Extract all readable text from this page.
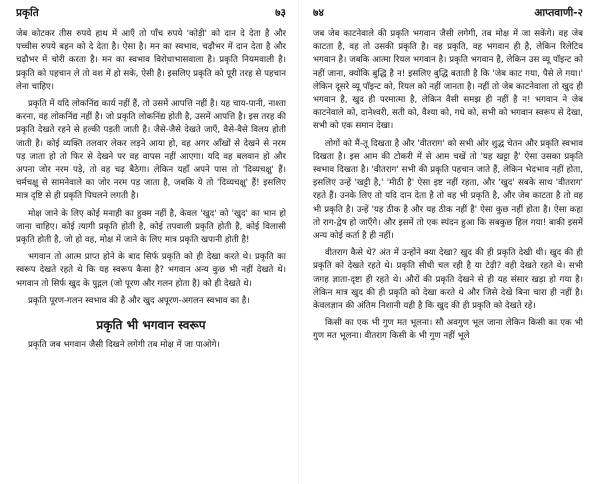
प्रकृति	७३

जेब कोटकर तीस रुपये हाथ में आएँ तो पाँच रुपये 'कोड़ी' को दान दे देता है और पच्चीस रुपये बहन को दे देता है। ऐसा है। मन का स्वभाव, चढ़ौभर में दान देता है और चढ़ौभर में चोरी करता है। मन का स्वभाव विरोधाभासवाला है। प्रकृति नियमवाली है। प्रकृति को पहचान ले तो वश में हो सके, ऐसी है। इसलिए प्रकृति को पूरी तरह से पहचान लेना चाहिए।

प्रकृति में यदि लोकनिंद्य कार्य नहीं हैं, तो उसमें आपत्ति नहीं है। यह चाय-पानी, नाश्ता करना, वह लोकनिंद्य नहीं है। जो प्रकृति लोकनिंद्य होती है, उसमें आपत्ति है। इस तरह की प्रकृति देखते रहने से हल्की पड़ती जाती है। जैसे-जैसे देखते जाएँ, वैसे-वैसे विलय होती जाती है। कोई व्यक्ति तलवार लेकर लड़ने आया हो, वह अगर आँखों से देखने से नरम पड़ जाता हो तो फिर से देखने पर वह वापस नहीं आएगा। यदि वह बलवान हो और अपना जोर नरम पड़े, तो वह चढ़ बैठेगा। लेकिन यहाँ अपने पास तो 'दिव्यचक्षु' हैं। चर्मचक्षु से सामनेवाले का जोर नरम पड़ जाता है, जबकि ये तो 'दिव्यचक्षु' हैं! इसलिए मात्र दृष्टि से ही प्रकृति पिघलने लगती है।

मोक्ष जाने के लिए कोई मनाही का हुक्म नहीं है, केवल 'खुद' को 'खुद' का भान हो जाना चाहिए। कोई त्यागी प्रकृति होती है, कोई तपवाली प्रकृति होती है, कोई विलासी प्रकृति होती है, जो हो वह, मोक्ष में जाने के लिए मात्र प्रकृति खपानी होती है!

भगवान तो आत्म प्राप्त होने के बाद सिर्फ प्रकृति को ही देखा करते थे। प्रकृति का स्वरूप देखते रहते थे कि यह स्वरूप कैसा है? भगवान अन्य कुछ भी नहीं देखते थे। भगवान तो सिर्फ खुद के पुद्गल (जो पूरण और गलन होता है) को ही देखते थे।

प्रकृति पूरण-गलन स्वभाव की है और खुद अपूरण-अगलन स्वभाव का है।

प्रकृति भी भगवान स्वरूप

प्रकृति जब भगवान जैसी दिखने लगेगी तब मोक्ष में जा पाओगे।

७४	आप्तवाणी-२

जब जेब काटनेवाले की प्रकृति भगवान जैसी लगेगी, तब मोक्ष में जा सकेंगे। वह जेब काटता है, वह तो उसकी प्रकृति है। वह प्रकृति, वह भगवान ही है, लेकिन रिलेटिव भगवान है। जबकि आत्मा रियल भगवान है। प्रकृति भगवान है, लेकिन उस व्यू पॉइन्ट को नहीं जाना, क्योंकि बुद्धि है न! इसलिए बुद्धि बताती है कि 'जेब काट गया, पैसे ले गया।' लेकिन दूसरे व्यू पॉइन्ट को, रियल को नहीं जानता है। नहीं तो जेब काटनेवाला तो खुद ही भगवान है, खुद ही परमात्मा है, लेकिन वैसी समझ ही नहीं है न! भगवान ने जेब काटनेवाले को, दानेश्वरी, सती को, वैश्या को, गधे को, सभी को भगवान स्वरूप से देखा, सभी को एक समान देखा।

लोगों को मैं-तू दिखता है और 'वीतराग' को सभी ओर शुद्ध चेतन और प्रकृति स्वभाव दिखता है। इस आम की टोकरी में से आम चखें तो 'यह खट्टा है' ऐसा उसका प्रकृति स्वभाव दिखता है। 'वीतराग' सभी की प्रकृति पहचान जाते हैं, लेकिन भेदभाव नहीं होता, इसलिए उन्हें 'खट्टी है,' 'मीठी है' ऐसा इष्ट नहीं रहता, और 'खुद' सबके साथ 'वीतराग' रहते हैं। उनके लिए तो यदि दान देता है तो वह भी प्रकृति है, और जेब काटता है तो वह भी प्रकृति है। उन्हें 'यह ठीक है और यह ठीक नहीं है' ऐसा कुछ नहीं होता है। ऐसा कहा तो राग-द्वेष हो जाएँगे। और इसमें तो एक स्पंदन हुआ कि सबकुछ हिल गया! बाकी इसमें अन्य कोई कर्ता है ही नहीं।

वीतराग कैसे थे? अंत में उन्होंने क्या देखा? खुद की ही प्रकृति देखी थी। खुद की ही प्रकृति को देखते रहते थे। प्रकृति सीधी चल रही है या टेढ़ी? वही देखते रहते थे। सभी जगह ज्ञाता-दृष्टा ही रहते थे। औरों की प्रकृति देखने से ही यह संसार खड़ा हो गया है। लेकिन मात्र खुद की ही प्रकृति को देखा करते थे और जिसे देखे बिना चारा ही नहीं है। केवलज्ञान की अंतिम निशानी यही है कि खुद की ही प्रकृति को देखते रहें।

किसी का एक भी गुण मत भूलना। सौ अवगुण भूल जाना लेकिन किसी का एक भी गुण मत भूलना। वीतराग किसी के भी गुण नहीं भूले
